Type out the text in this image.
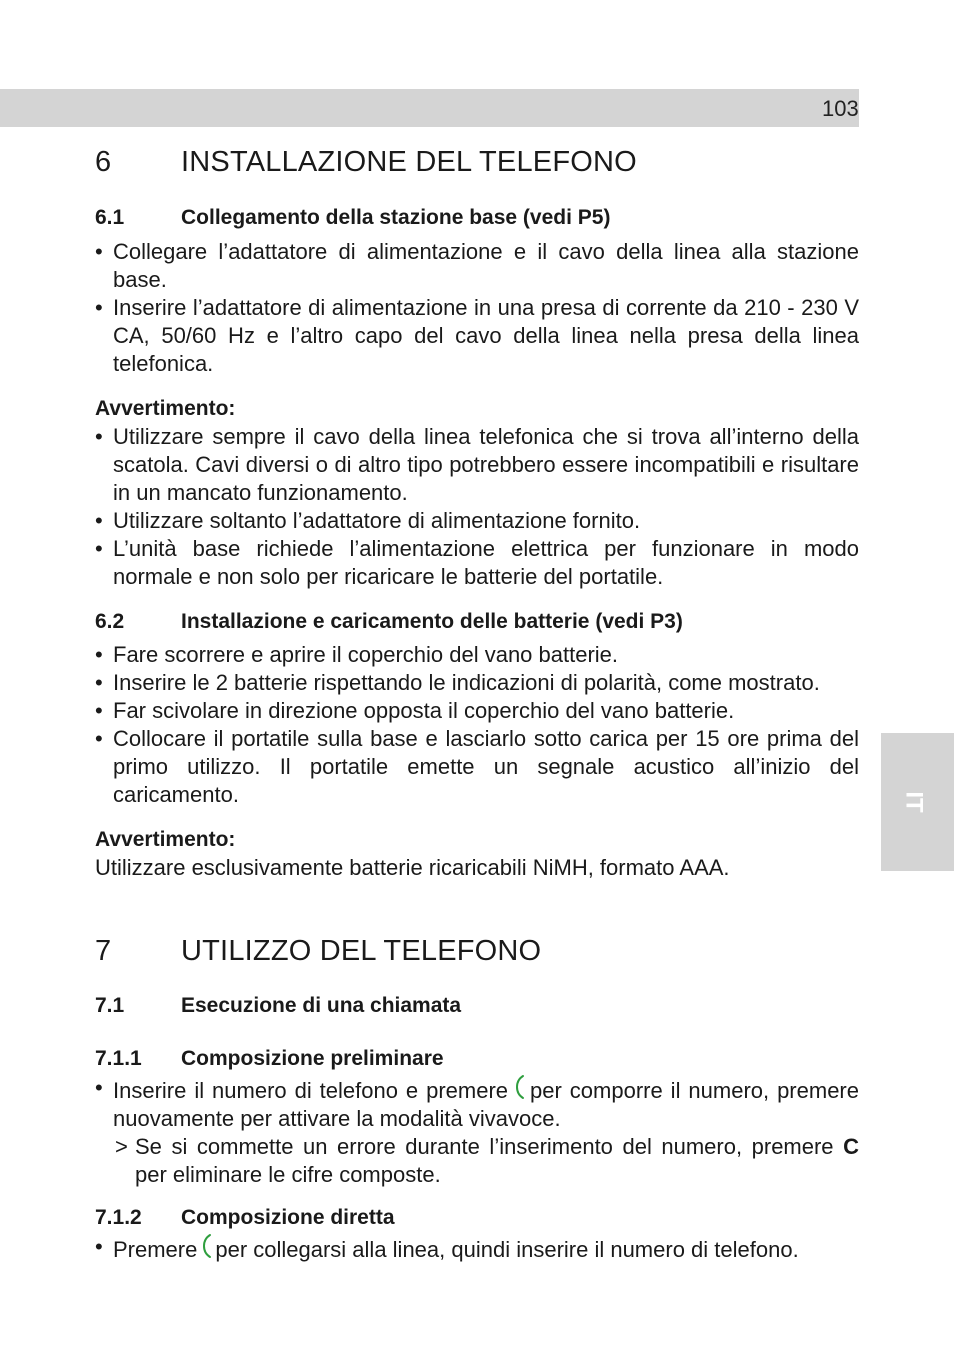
103
IT
6 INSTALLAZIONE DEL TELEFONO
6.1	Collegamento della stazione base (vedi P5)
• Collegare l’adattatore di alimentazione e il cavo della linea alla stazione base.
• Inserire l’adattatore di alimentazione in una presa di corrente da 210 - 230 V CA, 50/60 Hz e l’altro capo del cavo della linea nella presa della linea telefonica.
Avvertimento:
• Utilizzare sempre il cavo della linea telefonica che si trova all’interno della scatola. Cavi diversi o di altro tipo potrebbero essere incompatibili e risultare in un mancato funzionamento.
• Utilizzare soltanto l’adattatore di alimentazione fornito.
• L’unità base richiede l’alimentazione elettrica per funzionare in modo normale e non solo per ricaricare le batterie del portatile.
6.2	Installazione e caricamento delle batterie (vedi P3)
• Fare scorrere e aprire il coperchio del vano batterie.
• Inserire le 2 batterie rispettando le indicazioni di polarità, come mostrato.
• Far scivolare in direzione opposta il coperchio del vano batterie.
• Collocare il portatile sulla base e lasciarlo sotto carica per 15 ore prima del primo utilizzo. Il portatile emette un segnale acustico all’inizio del caricamento.
Avvertimento:
Utilizzare esclusivamente batterie ricaricabili NiMH, formato AAA.
7 UTILIZZO DEL TELEFONO
7.1	Esecuzione di una chiamata
7.1.1 Composizione preliminare
• Inserire il numero di telefono e premere per comporre il numero, premere nuovamente per attivare la modalità vivavoce.
> Se si commette un errore durante l’inserimento del numero, premere C per eliminare le cifre composte.
7.1.2 Composizione diretta
• Premere per collegarsi alla linea, quindi inserire il numero di telefono.
